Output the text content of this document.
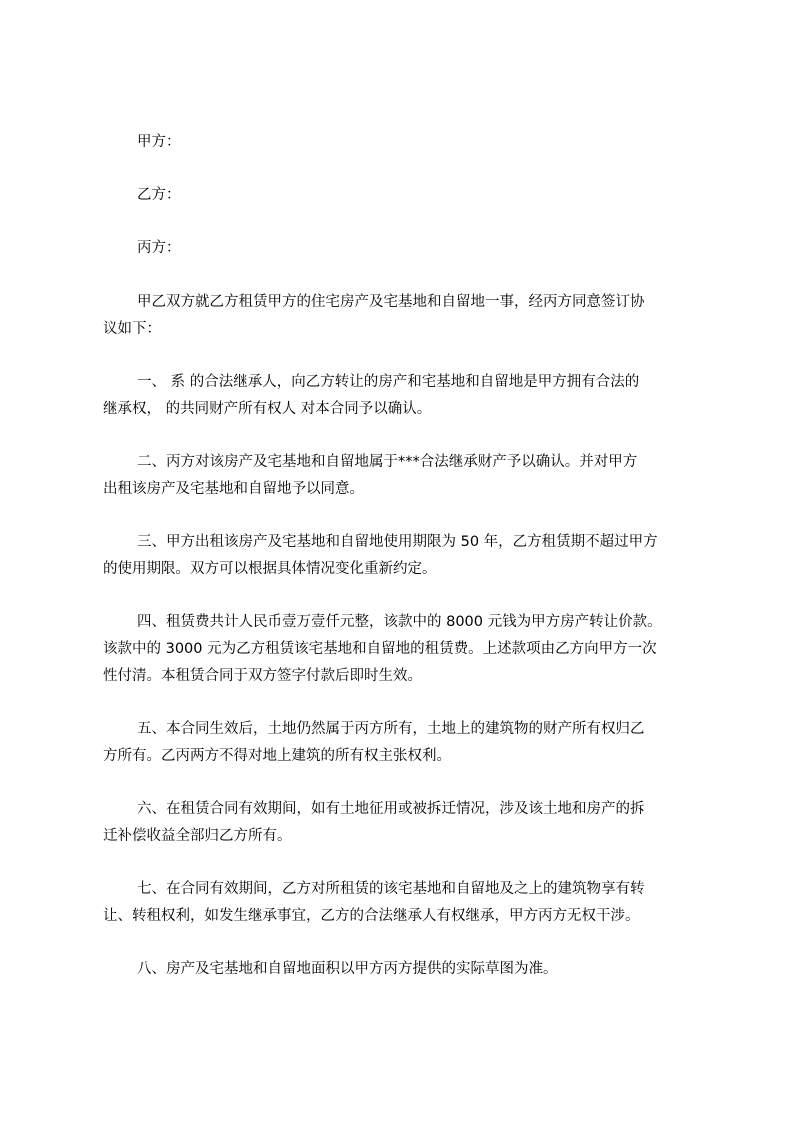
甲方：
乙方：
丙方：
甲乙双方就乙方租赁甲方的住宅房产及宅基地和自留地一事，经丙方同意签订协
议如下：
一、 系 的合法继承人，向乙方转让的房产和宅基地和自留地是甲方拥有合法的
继承权， 的共同财产所有权人 对本合同予以确认。
二、丙方对该房产及宅基地和自留地属于***合法继承财产予以确认。并对甲方
出租该房产及宅基地和自留地予以同意。
三、甲方出租该房产及宅基地和自留地使用期限为 50 年，乙方租赁期不超过甲方
的使用期限。双方可以根据具体情况变化重新约定。
四、租赁费共计人民币壹万壹仟元整，该款中的 8000 元钱为甲方房产转让价款。
该款中的 3000 元为乙方租赁该宅基地和自留地的租赁费。上述款项由乙方向甲方一次
性付清。本租赁合同于双方签字付款后即时生效。
五、本合同生效后，土地仍然属于丙方所有，土地上的建筑物的财产所有权归乙
方所有。乙丙两方不得对地上建筑的所有权主张权利。
六、在租赁合同有效期间，如有土地征用或被拆迁情况，涉及该土地和房产的拆
迁补偿收益全部归乙方所有。
七、在合同有效期间，乙方对所租赁的该宅基地和自留地及之上的建筑物享有转
让、转租权利，如发生继承事宜，乙方的合法继承人有权继承，甲方丙方无权干涉。
八、房产及宅基地和自留地面积以甲方丙方提供的实际草图为准。
